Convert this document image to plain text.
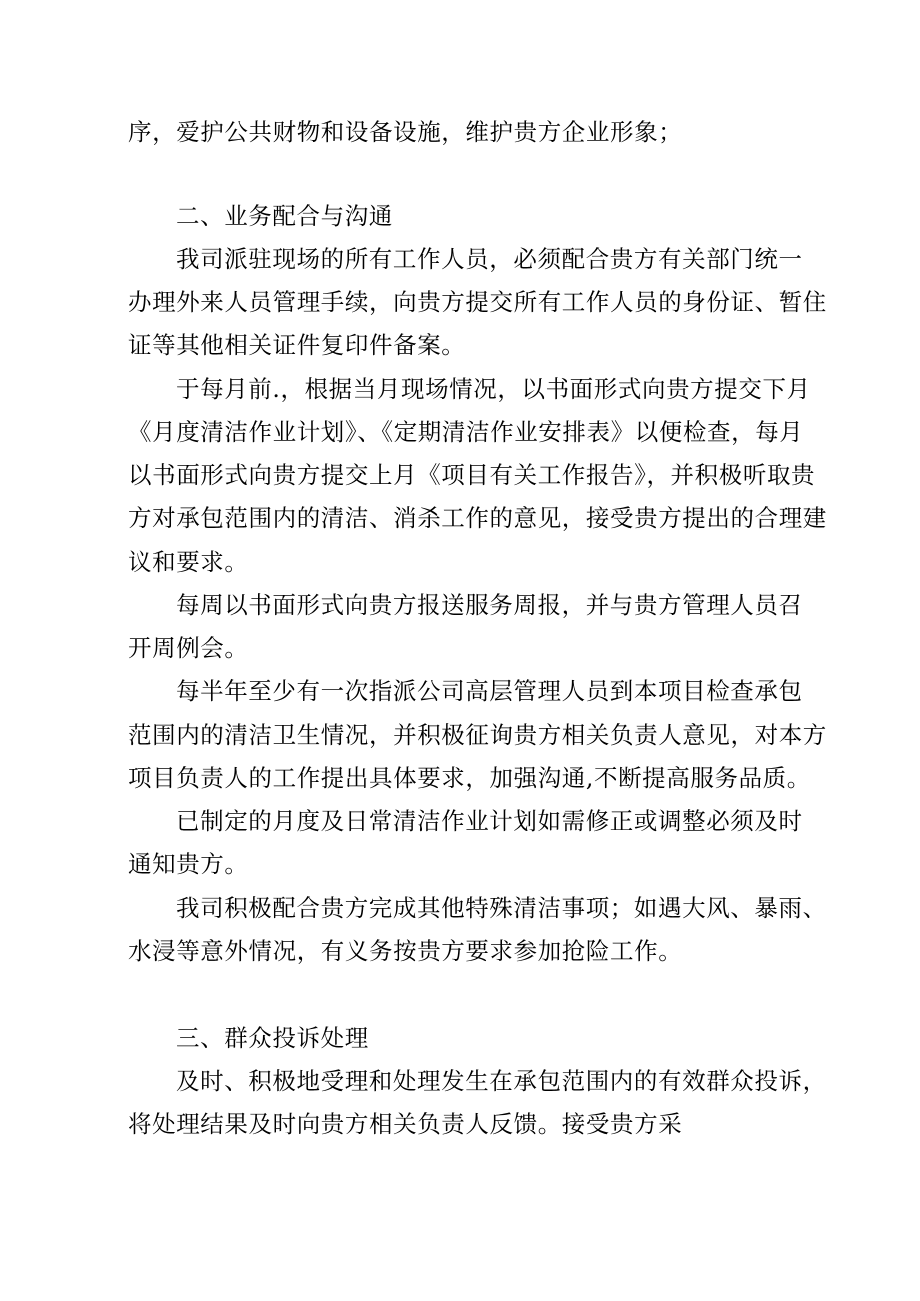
序，爱护公共财物和设备设施，维护贵方企业形象；
二、业务配合与沟通
我司派驻现场的所有工作人员，必须配合贵方有关部门统一
办理外来人员管理手续，向贵方提交所有工作人员的身份证、暂住
证等其他相关证件复印件备案。
于每月前.，根据当月现场情况，以书面形式向贵方提交下月
《月度清洁作业计划》、《定期清洁作业安排表》以便检查，每月
以书面形式向贵方提交上月《项目有关工作报告》，并积极听取贵
方对承包范围内的清洁、消杀工作的意见，接受贵方提出的合理建
议和要求。
每周以书面形式向贵方报送服务周报，并与贵方管理人员召
开周例会。
每半年至少有一次指派公司高层管理人员到本项目检查承包
范围内的清洁卫生情况，并积极征询贵方相关负责人意见，对本方
项目负责人的工作提出具体要求，加强沟通,不断提高服务品质。
已制定的月度及日常清洁作业计划如需修正或调整必须及时
通知贵方。
我司积极配合贵方完成其他特殊清洁事项；如遇大风、暴雨、
水浸等意外情况，有义务按贵方要求参加抢险工作。
三、群众投诉处理
及时、积极地受理和处理发生在承包范围内的有效群众投诉，
将处理结果及时向贵方相关负责人反馈。接受贵方采
